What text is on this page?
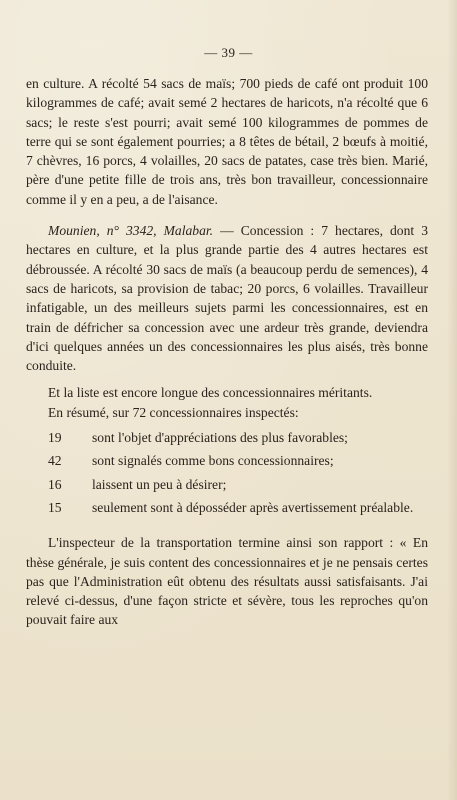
— 39 —

en culture. A récolté 54 sacs de maïs; 700 pieds de café ont produit 100 kilogrammes de café; avait semé 2 hectares de haricots, n'a récolté que 6 sacs; le reste s'est pourri; avait semé 100 kilogrammes de pommes de terre qui se sont également pourries; a 8 têtes de bétail, 2 bœufs à moitié, 7 chèvres, 16 porcs, 4 volailles, 20 sacs de patates, case très bien. Marié, père d'une petite fille de trois ans, très bon travailleur, concessionnaire comme il y en a peu, a de l'aisance.

Mounien, n° 3342, Malabar. — Concession : 7 hectares, dont 3 hectares en culture, et la plus grande partie des 4 autres hectares est débroussée. A récolté 30 sacs de maïs (a beaucoup perdu de semences), 4 sacs de haricots, sa provision de tabac; 20 porcs, 6 volailles. Travailleur infatigable, un des meilleurs sujets parmi les concessionnaires, est en train de défricher sa concession avec une ardeur très grande, deviendra d'ici quelques années un des concessionnaires les plus aisés, très bonne conduite.

Et la liste est encore longue des concessionnaires méritants.

En résumé, sur 72 concessionnaires inspectés:

19	sont l'objet d'appréciations des plus favorables;
42	sont signalés comme bons concessionnaires;
16	laissent un peu à désirer;
15	seulement sont à déposséder après avertissement préalable.

L'inspecteur de la transportation termine ainsi son rapport : « En thèse générale, je suis content des concessionnaires et je ne pensais certes pas que l'Administration eût obtenu des résultats aussi satisfaisants. J'ai relevé ci-dessus, d'une façon stricte et sévère, tous les reproches qu'on pouvait faire aux
